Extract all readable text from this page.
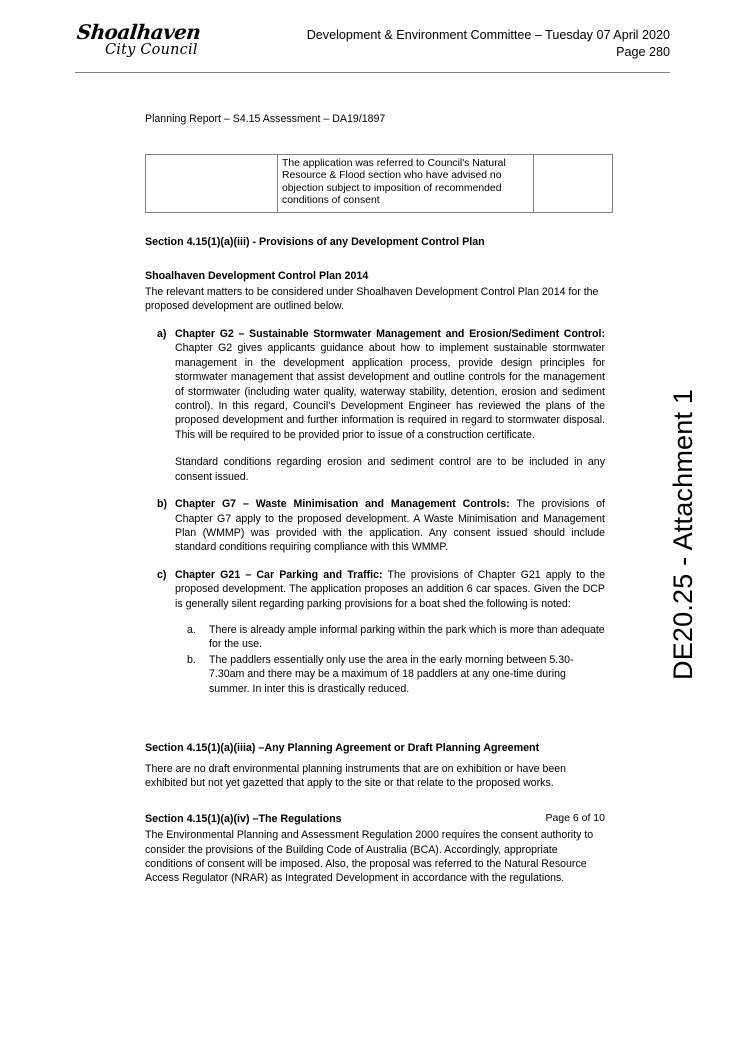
Shoalhaven
City Council
Development & Environment Committee – Tuesday 07 April 2020
Page 280
DE20.25 - Attachment 1

Planning Report – S4.15 Assessment – DA19/1897

The application was referred to Council's Natural Resource & Flood section who have advised no objection subject to imposition of recommended conditions of consent

Section 4.15(1)(a)(iii) - Provisions of any Development Control Plan
Shoalhaven Development Control Plan 2014

The relevant matters to be considered under Shoalhaven Development Control Plan 2014 for the proposed development are outlined below.

a) Chapter G2 – Sustainable Stormwater Management and Erosion/Sediment Control: Chapter G2 gives applicants guidance about how to implement sustainable stormwater management in the development application process, provide design principles for stormwater management that assist development and outline controls for the management of stormwater (including water quality, waterway stability, detention, erosion and sediment control). In this regard, Council's Development Engineer has reviewed the plans of the proposed development and further information is required in regard to stormwater disposal. This will be required to be provided prior to issue of a construction certificate.

Standard conditions regarding erosion and sediment control are to be included in any consent issued.

b) Chapter G7 – Waste Minimisation and Management Controls: The provisions of Chapter G7 apply to the proposed development. A Waste Minimisation and Management Plan (WMMP) was provided with the application. Any consent issued should include standard conditions requiring compliance with this WMMP.

c) Chapter G21 – Car Parking and Traffic: The provisions of Chapter G21 apply to the proposed development. The application proposes an addition 6 car spaces. Given the DCP is generally silent regarding parking provisions for a boat shed the following is noted:

a. There is already ample informal parking within the park which is more than adequate for the use.
b. The paddlers essentially only use the area in the early morning between 5.30-7.30am and there may be a maximum of 18 paddlers at any one-time during summer. In inter this is drastically reduced.
Section 4.15(1)(a)(iiia) –Any Planning Agreement or Draft Planning Agreement

There are no draft environmental planning instruments that are on exhibition or have been exhibited but not yet gazetted that apply to the site or that relate to the proposed works.

Section 4.15(1)(a)(iv) –The Regulations

The Environmental Planning and Assessment Regulation 2000 requires the consent authority to consider the provisions of the Building Code of Australia (BCA). Accordingly, appropriate conditions of consent will be imposed. Also, the proposal was referred to the Natural Resource Access Regulator (NRAR) as Integrated Development in accordance with the regulations.

Page 6 of 10
